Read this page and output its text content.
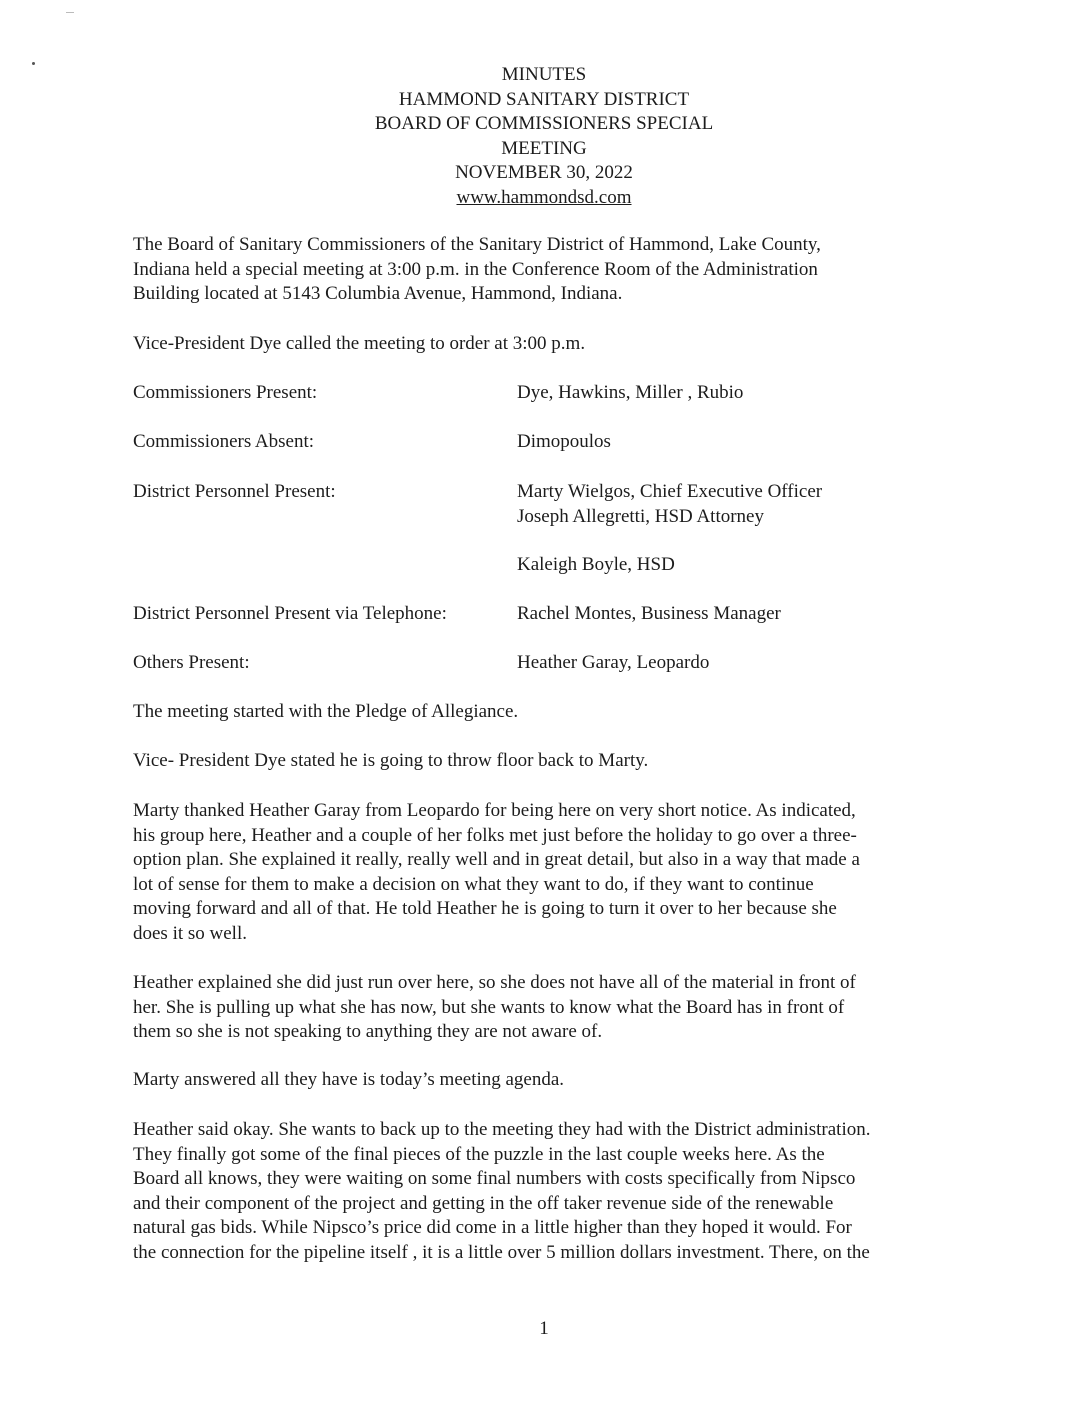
MINUTES
HAMMOND SANITARY DISTRICT
BOARD OF COMMISSIONERS SPECIAL
MEETING
NOVEMBER 30, 2022
www.hammondsd.com
The Board of Sanitary Commissioners of the Sanitary District of Hammond, Lake County,
Indiana held a special meeting at 3:00 p.m. in the Conference Room of the Administration
Building located at 5143 Columbia Avenue, Hammond, Indiana.
Vice-President Dye called the meeting to order at 3:00 p.m.
Commissioners Present:	Dye, Hawkins, Miller , Rubio
Commissioners Absent:	Dimopoulos
District Personnel Present:	Marty Wielgos, Chief Executive Officer
Joseph Allegretti, HSD Attorney
Kaleigh Boyle, HSD
District Personnel Present via Telephone:	Rachel Montes, Business Manager
Others Present:	Heather Garay, Leopardo
The meeting started with the Pledge of Allegiance.
Vice- President Dye stated he is going to throw floor back to Marty.
Marty thanked Heather Garay from Leopardo for being here on very short notice. As indicated,
his group here, Heather and a couple of her folks met just before the holiday to go over a three-
option plan. She explained it really, really well and in great detail, but also in a way that made a
lot of sense for them to make a decision on what they want to do, if they want to continue
moving forward and all of that. He told Heather he is going to turn it over to her because she
does it so well.
Heather explained she did just run over here, so she does not have all of the material in front of
her. She is pulling up what she has now, but she wants to know what the Board has in front of
them so she is not speaking to anything they are not aware of.
Marty answered all they have is today’s meeting agenda.
Heather said okay. She wants to back up to the meeting they had with the District administration.
They finally got some of the final pieces of the puzzle in the last couple weeks here. As the
Board all knows, they were waiting on some final numbers with costs specifically from Nipsco
and their component of the project and getting in the off taker revenue side of the renewable
natural gas bids. While Nipsco’s price did come in a little higher than they hoped it would. For
the connection for the pipeline itself , it is a little over 5 million dollars investment. There, on the
1
